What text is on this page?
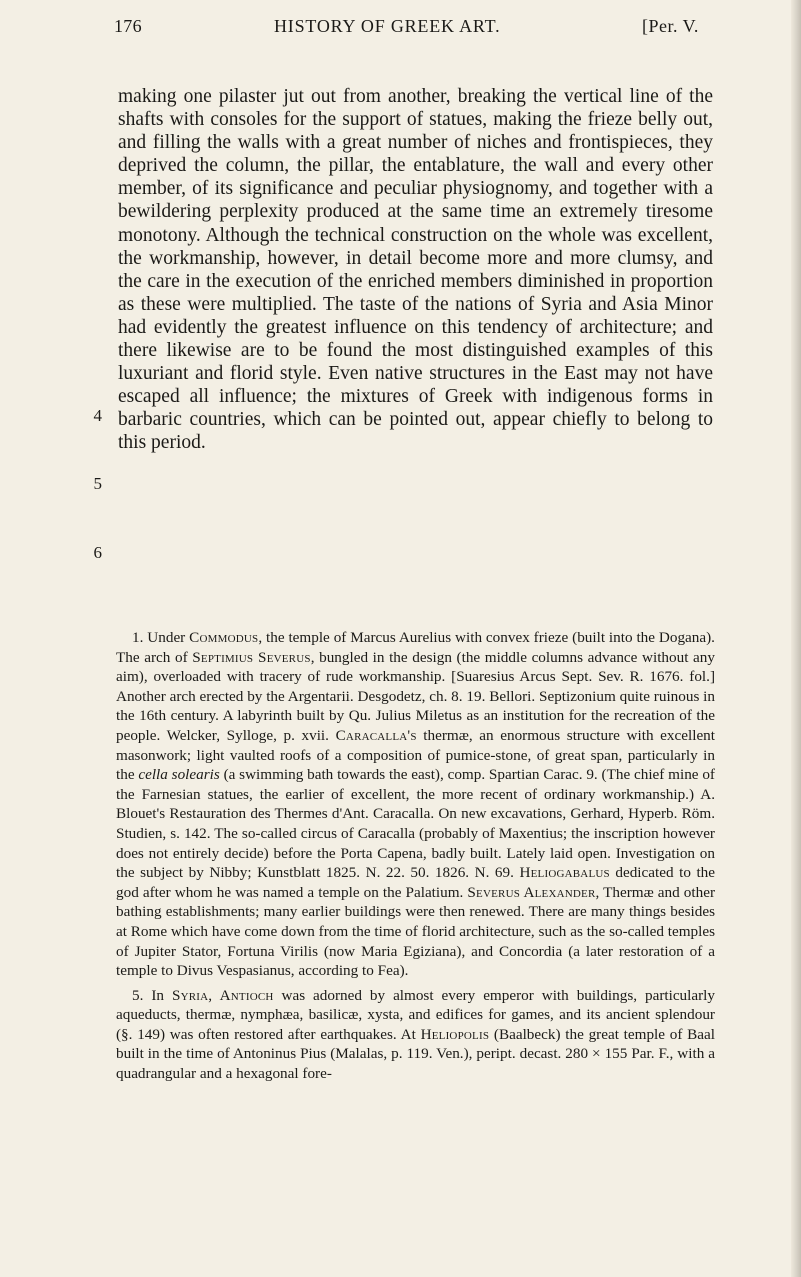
176	HISTORY OF GREEK ART.	[Per. V.
4
5
6

making one pilaster jut out from another, breaking the vertical line of the shafts with consoles for the support of statues, making the frieze belly out, and filling the walls with a great number of niches and frontispieces, they deprived the column, the pillar, the entablature, the wall and every other member, of its significance and peculiar physiognomy, and together with a bewildering perplexity produced at the same time an extremely tiresome monotony. Although the technical construction on the whole was excellent, the workmanship, however, in detail become more and more clumsy, and the care in the execution of the enriched members diminished in proportion as these were multiplied. The taste of the nations of Syria and Asia Minor had evidently the greatest influence on this tendency of architecture; and there likewise are to be found the most distinguished examples of this luxuriant and florid style. Even native structures in the East may not have escaped all influence; the mixtures of Greek with indigenous forms in barbaric countries, which can be pointed out, appear chiefly to belong to this period.

1. Under Commodus, the temple of Marcus Aurelius with convex frieze (built into the Dogana). The arch of Septimius Severus, bungled in the design (the middle columns advance without any aim), overloaded with tracery of rude workmanship. [Suaresius Arcus Sept. Sev. R. 1676. fol.] Another arch erected by the Argentarii. Desgodetz, ch. 8. 19. Bellori. Septizonium quite ruinous in the 16th century. A labyrinth built by Qu. Julius Miletus as an institution for the recreation of the people. Welcker, Sylloge, p. xvii. Caracalla's thermæ, an enormous structure with excellent masonwork; light vaulted roofs of a composition of pumice-stone, of great span, particularly in the cella solearis (a swimming bath towards the east), comp. Spartian Carac. 9. (The chief mine of the Farnesian statues, the earlier of excellent, the more recent of ordinary workmanship.) A. Blouet's Restauration des Thermes d'Ant. Caracalla. On new excavations, Gerhard, Hyperb. Röm. Studien, s. 142. The so-called circus of Caracalla (probably of Maxentius; the inscription however does not entirely decide) before the Porta Capena, badly built. Lately laid open. Investigation on the subject by Nibby; Kunstblatt 1825. N. 22. 50. 1826. N. 69. Heliogabalus dedicated to the god after whom he was named a temple on the Palatium. Severus Alexander, Thermæ and other bathing establishments; many earlier buildings were then renewed. There are many things besides at Rome which have come down from the time of florid architecture, such as the so-called temples of Jupiter Stator, Fortuna Virilis (now Maria Egiziana), and Concordia (a later restoration of a temple to Divus Vespasianus, according to Fea).

5. In Syria, Antioch was adorned by almost every emperor with buildings, particularly aqueducts, thermæ, nymphæa, basilicæ, xysta, and edifices for games, and its ancient splendour (§. 149) was often restored after earthquakes. At Heliopolis (Baalbeck) the great temple of Baal built in the time of Antoninus Pius (Malalas, p. 119. Ven.), peript. decast. 280 × 155 Par. F., with a quadrangular and a hexagonal fore-
